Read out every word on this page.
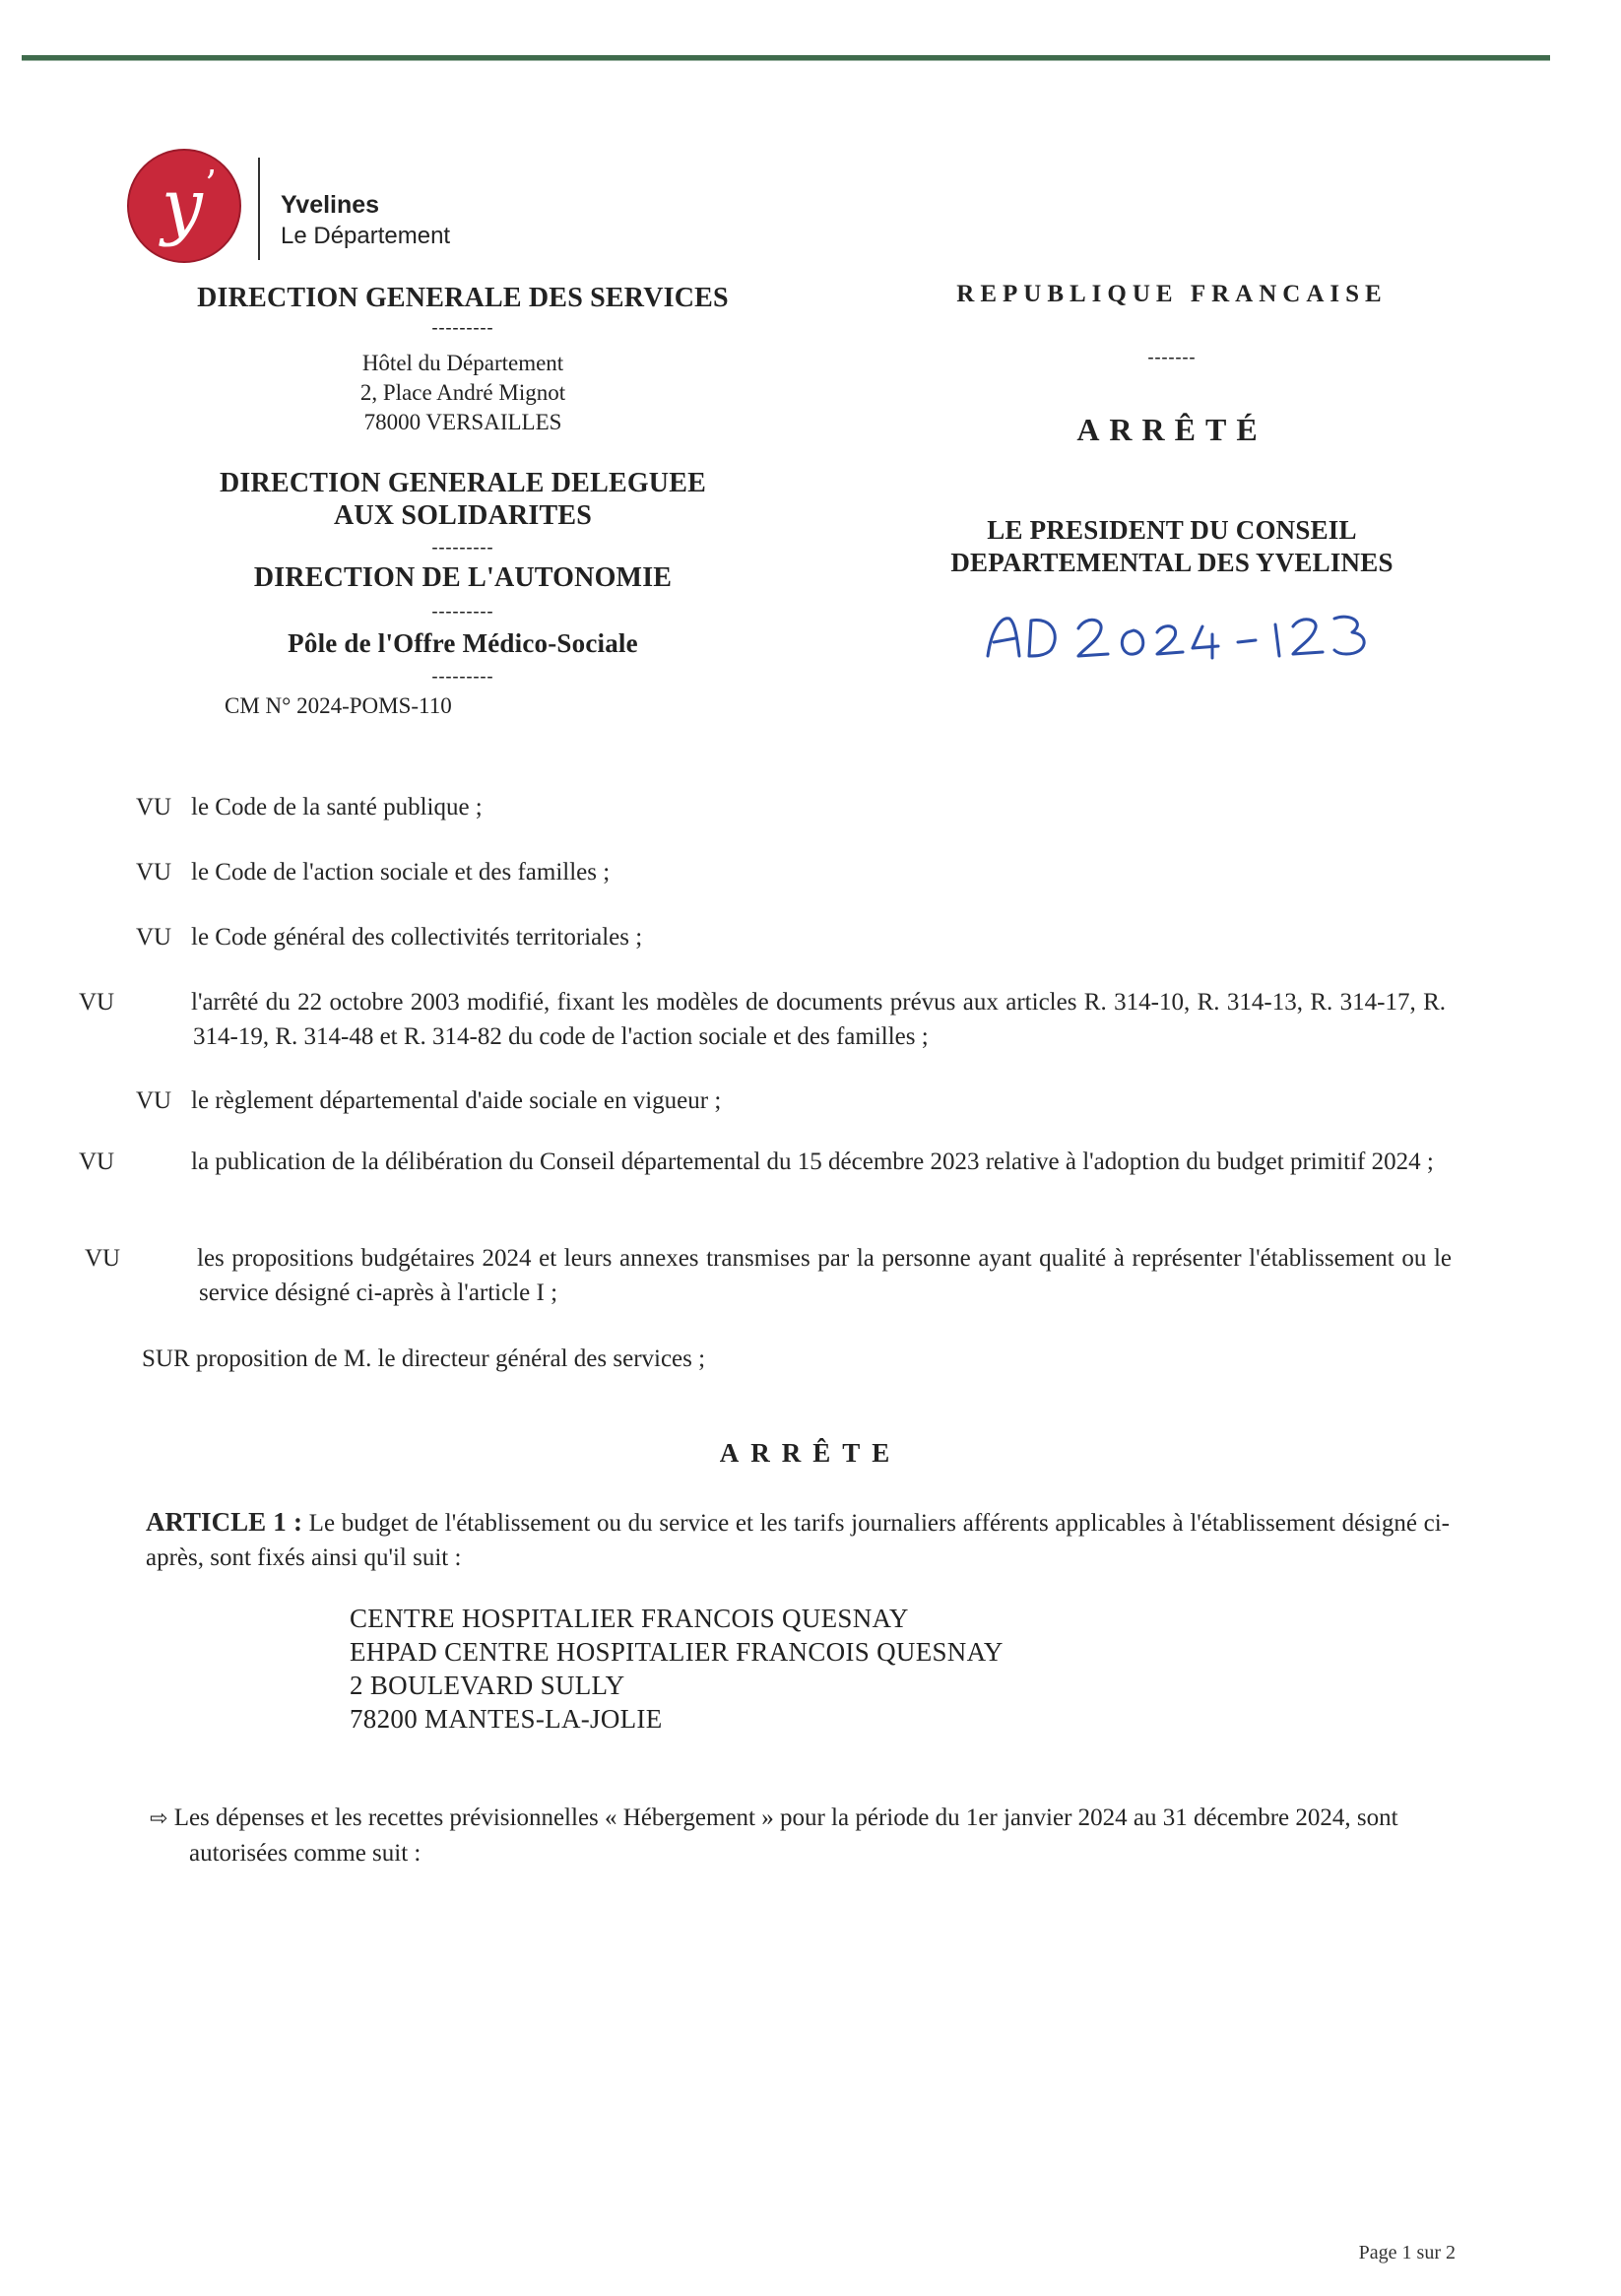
y ’	Yvelines
Le Département
DIRECTION GENERALE DES SERVICES
---------
Hôtel du Département
2, Place André Mignot
78000 VERSAILLES
DIRECTION GENERALE DELEGUEE
AUX SOLIDARITES
---------
DIRECTION DE L'AUTONOMIE
---------
Pôle de l'Offre Médico-Sociale
---------
CM N° 2024-POMS-110
REPUBLIQUE FRANCAISE
-------
ARRÊTÉ
LE PRESIDENT DU CONSEIL
DEPARTEMENTAL DES YVELINES
VU le Code de la santé publique ;
VU le Code de l'action sociale et des familles ;
VU le Code général des collectivités territoriales ;
VU	l'arrêté du 22 octobre 2003 modifié, fixant les modèles de documents prévus aux articles R. 314-10, R. 314-13, R. 314-17, R. 314-19, R. 314-48 et R. 314-82 du code de l'action sociale et des familles ;
VU le règlement départemental d'aide sociale en vigueur ;
VU	la publication de la délibération du Conseil départemental du 15 décembre 2023 relative à l'adoption du budget primitif 2024 ;
VU	les propositions budgétaires 2024 et leurs annexes transmises par la personne ayant qualité à représenter l'établissement ou le service désigné ci-après à l'article I ;
SUR proposition de M. le directeur général des services ;
ARRÊTE
ARTICLE 1 : Le budget de l'établissement ou du service et les tarifs journaliers afférents applicables à l'établissement désigné ci-après, sont fixés ainsi qu'il suit :
CENTRE HOSPITALIER FRANCOIS QUESNAY
EHPAD CENTRE HOSPITALIER FRANCOIS QUESNAY
2 BOULEVARD SULLY
78200 MANTES-LA-JOLIE
⇨ Les dépenses et les recettes prévisionnelles « Hébergement » pour la période du 1er janvier 2024 au 31 décembre 2024, sont autorisées comme suit :
Page 1 sur 2
